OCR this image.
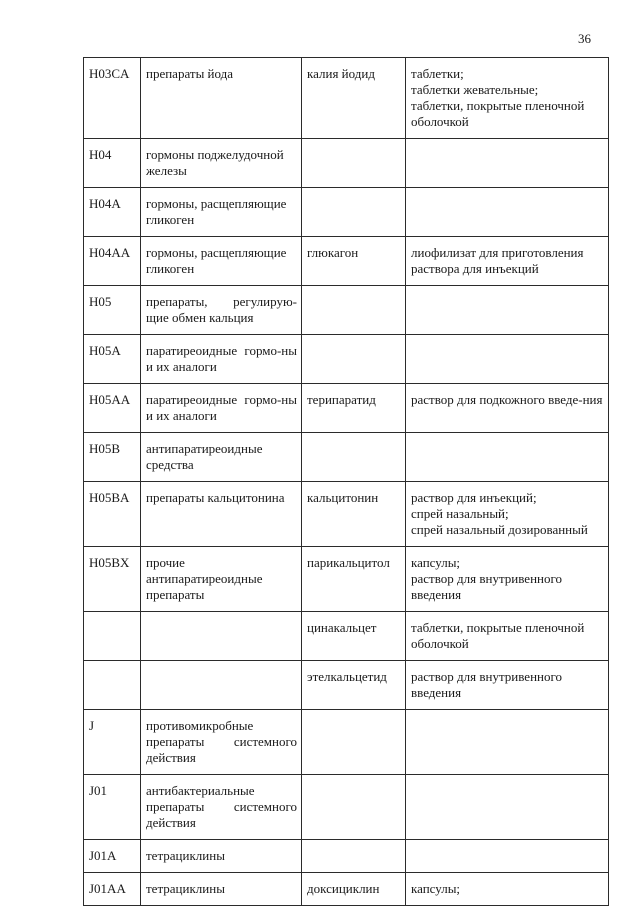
36
H03CA	препараты йода	калия йодид	таблетки;
таблетки жевательные;
таблетки, покрытые пленочной оболочкой

H04	гормоны поджелудочной железы		

H04A	гормоны, расщепляющие гликоген		

H04AA	гормоны, расщепляющие гликоген	глюкагон	лиофилизат для приготовления раствора для инъекций

H05	препараты, регулирую-щие обмен кальция		

H05A	паратиреоидные гормо-ны и их аналоги		

H05AA	паратиреоидные гормо-ны и их аналоги	терипаратид	раствор для подкожного введе-ния

H05B	антипаратиреоидные средства		

H05BA	препараты кальцитонина	кальцитонин	раствор для инъекций;
спрей назальный;
спрей назальный дозированный

H05BX	прочие антипаратиреоидные препараты	парикальцитол	капсулы;
раствор для внутривенного введения

		цинакальцет	таблетки, покрытые пленочной оболочкой

		этелкальцетид	раствор для внутривенного введения

J	противомикробные препараты системного действия		

J01	антибактериальные препараты системного действия		

J01A	тетрациклины		

J01AA	тетрациклины	доксициклин	капсулы;
